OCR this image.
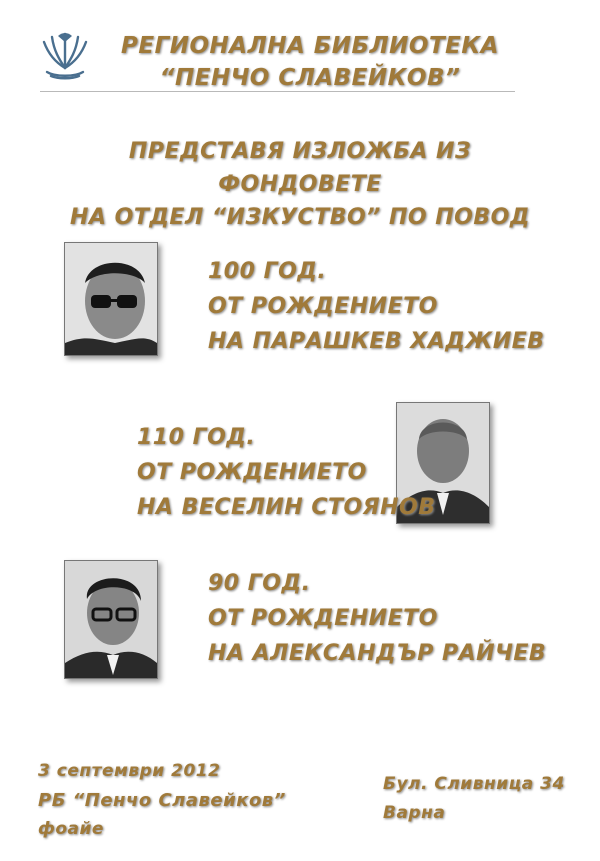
РЕГИОНАЛНА БИБЛИОТЕКА
“ПЕНЧО СЛАВЕЙКОВ”
ПРЕДСТАВЯ ИЗЛОЖБА ИЗ ФОНДОВЕТЕ
НА ОТДЕЛ “ИЗКУСТВО” ПО ПОВОД
100 ГОД.
ОТ РОЖДЕНИЕТО
НА ПАРАШКЕВ ХАДЖИЕВ
110 ГОД.
ОТ РОЖДЕНИЕТО
НА ВЕСЕЛИН СТОЯНОВ
90 ГОД.
ОТ РОЖДЕНИЕТО
НА АЛЕКСАНДЪР РАЙЧЕВ
3 септември 2012
РБ “Пенчо Славейков”
фоайе
Бул. Сливница 34
Варна
